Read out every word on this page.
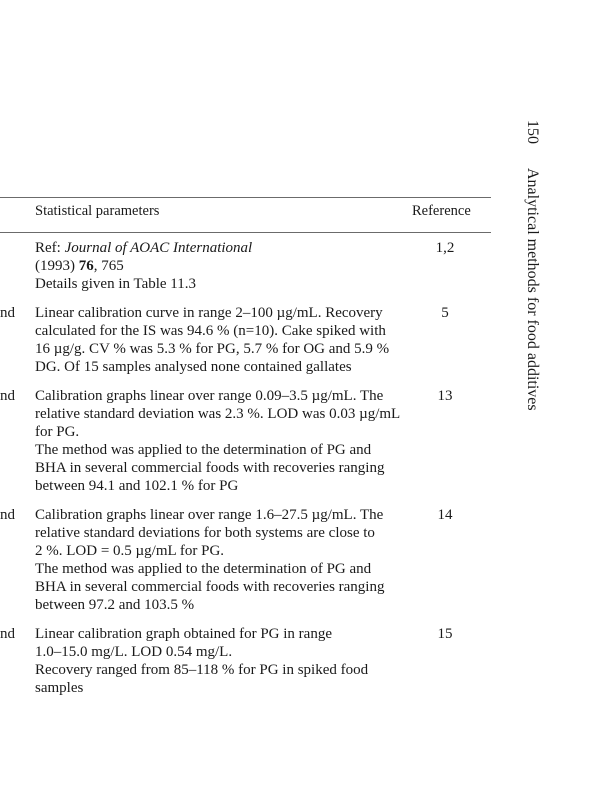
Statistical parameters	Reference
Ref: Journal of AOAC International
(1993) 76, 765
Details given in Table 11.3
1,2
nd Linear calibration curve in range 2–100 µg/mL. Recovery
calculated for the IS was 94.6 % (n=10). Cake spiked with
16 µg/g. CV % was 5.3 % for PG, 5.7 % for OG and 5.9 %
DG. Of 15 samples analysed none contained gallates
5
nd Calibration graphs linear over range 0.09–3.5 µg/mL. The
relative standard deviation was 2.3 %. LOD was 0.03 µg/mL
for PG.
The method was applied to the determination of PG and
BHA in several commercial foods with recoveries ranging
between 94.1 and 102.1 % for PG
13
nd Calibration graphs linear over range 1.6–27.5 µg/mL. The
relative standard deviations for both systems are close to
2 %. LOD = 0.5 µg/mL for PG.
The method was applied to the determination of PG and
BHA in several commercial foods with recoveries ranging
between 97.2 and 103.5 %
14
nd Linear calibration graph obtained for PG in range
1.0–15.0 mg/L. LOD 0.54 mg/L.
Recovery ranged from 85–118 % for PG in spiked food
samples
15
150Analytical methods for food additives
